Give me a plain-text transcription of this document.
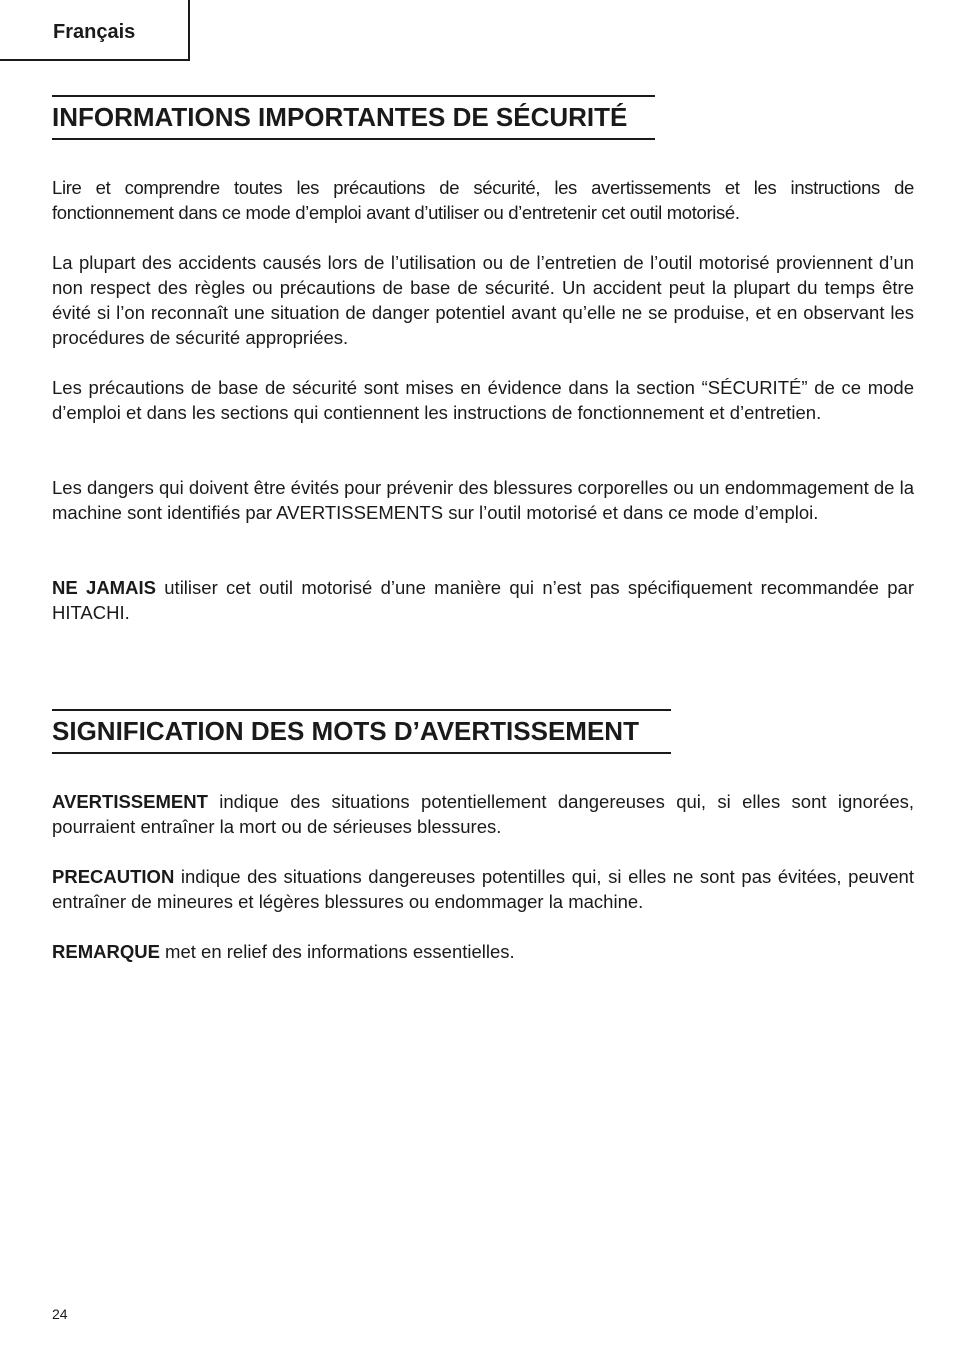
Français
INFORMATIONS IMPORTANTES DE SÉCURITÉ

Lire et comprendre toutes les précautions de sécurité, les avertissements et les instructions de fonctionnement dans ce mode d’emploi avant d’utiliser ou d’entretenir cet outil motorisé.

La plupart des accidents causés lors de l’utilisation ou de l’entretien de l’outil motorisé proviennent d’un non respect des règles ou précautions de base de sécurité. Un accident peut la plupart du temps être évité si l’on reconnaît une situation de danger potentiel avant qu’elle ne se produise, et en observant les procédures de sécurité appropriées.

Les précautions de base de sécurité sont mises en évidence dans la section “SÉCURITÉ” de ce mode d’emploi et dans les sections qui contiennent les instructions de fonctionnement et d’entretien.

Les dangers qui doivent être évités pour prévenir des blessures corporelles ou un endommagement de la machine sont identifiés par AVERTISSEMENTS sur l’outil motorisé et dans ce mode d’emploi.

NE JAMAIS utiliser cet outil motorisé d’une manière qui n’est pas spécifiquement recommandée par HITACHI.

SIGNIFICATION DES MOTS D’AVERTISSEMENT

AVERTISSEMENT indique des situations potentiellement dangereuses qui, si elles sont ignorées, pourraient entraîner la mort ou de sérieuses blessures.

PRECAUTION indique des situations dangereuses potentilles qui, si elles ne sont pas évitées, peuvent entraîner de mineures et légères blessures ou endommager la machine.

REMARQUE met en relief des informations essentielles.

24
